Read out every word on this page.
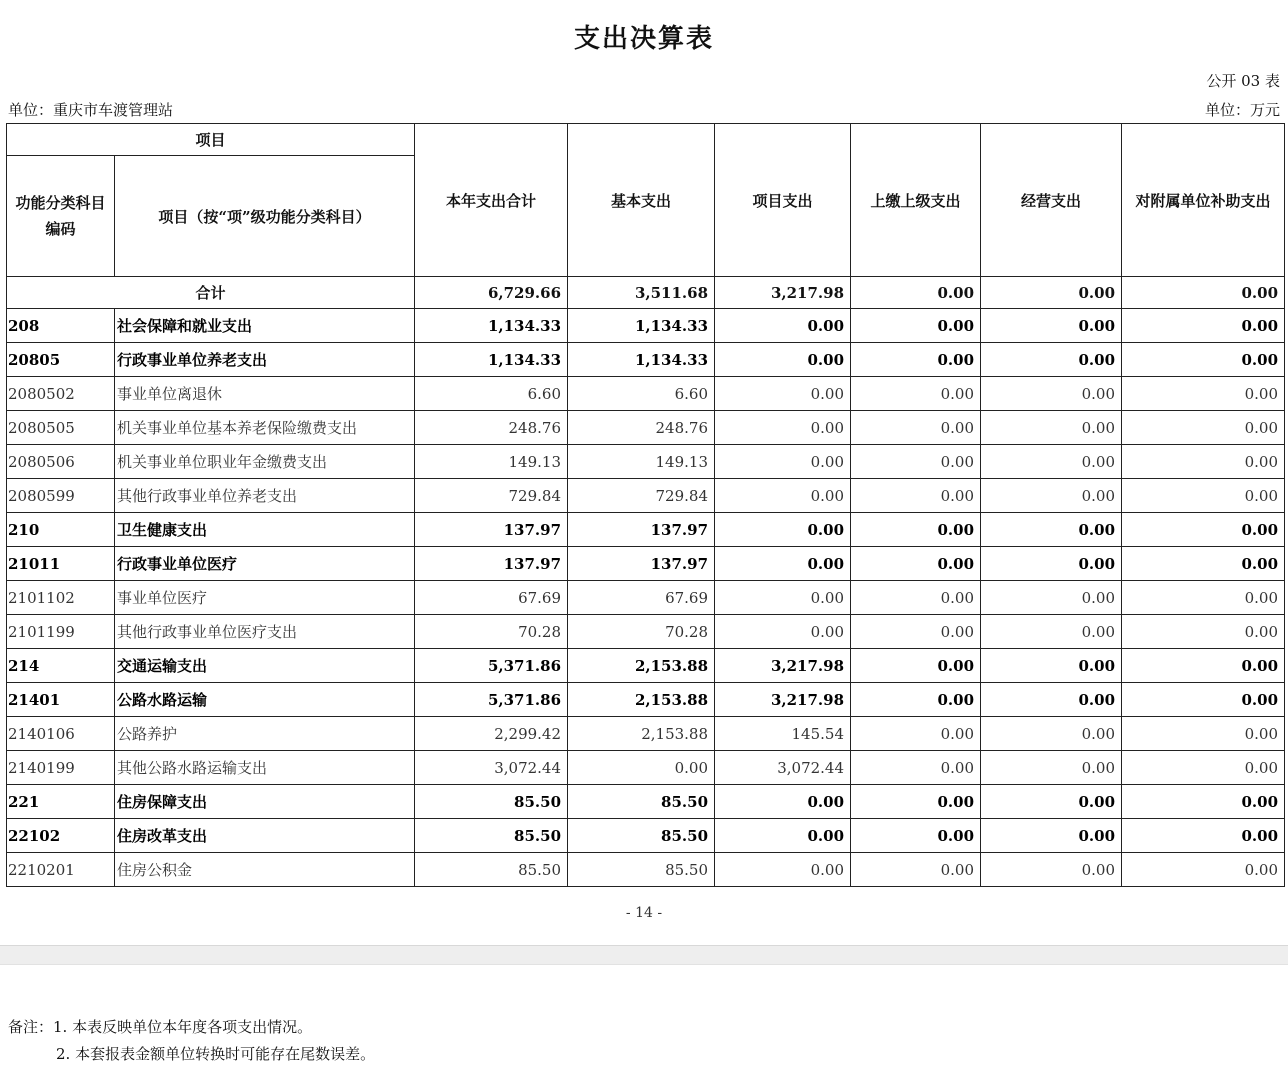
支出决算表
公开 03 表
单位：重庆市车渡管理站	单位：万元
项目		本年支出合计	基本支出	项目支出	上缴上级支出	经营支出	对附属单位补助支出
功能分类科目编码	项目（按“项”级功能分类科目）						
合计		6,729.66	3,511.68	3,217.98	0.00	0.00	0.00
208	社会保障和就业支出	1,134.33	1,134.33	0.00	0.00	0.00	0.00
20805	行政事业单位养老支出	1,134.33	1,134.33	0.00	0.00	0.00	0.00
2080502	事业单位离退休	6.60	6.60	0.00	0.00	0.00	0.00
2080505	机关事业单位基本养老保险缴费支出	248.76	248.76	0.00	0.00	0.00	0.00
2080506	机关事业单位职业年金缴费支出	149.13	149.13	0.00	0.00	0.00	0.00
2080599	其他行政事业单位养老支出	729.84	729.84	0.00	0.00	0.00	0.00
210	卫生健康支出	137.97	137.97	0.00	0.00	0.00	0.00
21011	行政事业单位医疗	137.97	137.97	0.00	0.00	0.00	0.00
2101102	事业单位医疗	67.69	67.69	0.00	0.00	0.00	0.00
2101199	其他行政事业单位医疗支出	70.28	70.28	0.00	0.00	0.00	0.00
214	交通运输支出	5,371.86	2,153.88	3,217.98	0.00	0.00	0.00
21401	公路水路运输	5,371.86	2,153.88	3,217.98	0.00	0.00	0.00
2140106	公路养护	2,299.42	2,153.88	145.54	0.00	0.00	0.00
2140199	其他公路水路运输支出	3,072.44	0.00	3,072.44	0.00	0.00	0.00
221	住房保障支出	85.50	85.50	0.00	0.00	0.00	0.00
22102	住房改革支出	85.50	85.50	0.00	0.00	0.00	0.00
2210201	住房公积金	85.50	85.50	0.00	0.00	0.00	0.00
- 14 -
备注：1. 本表反映单位本年度各项支出情况。
2. 本套报表金额单位转换时可能存在尾数误差。
